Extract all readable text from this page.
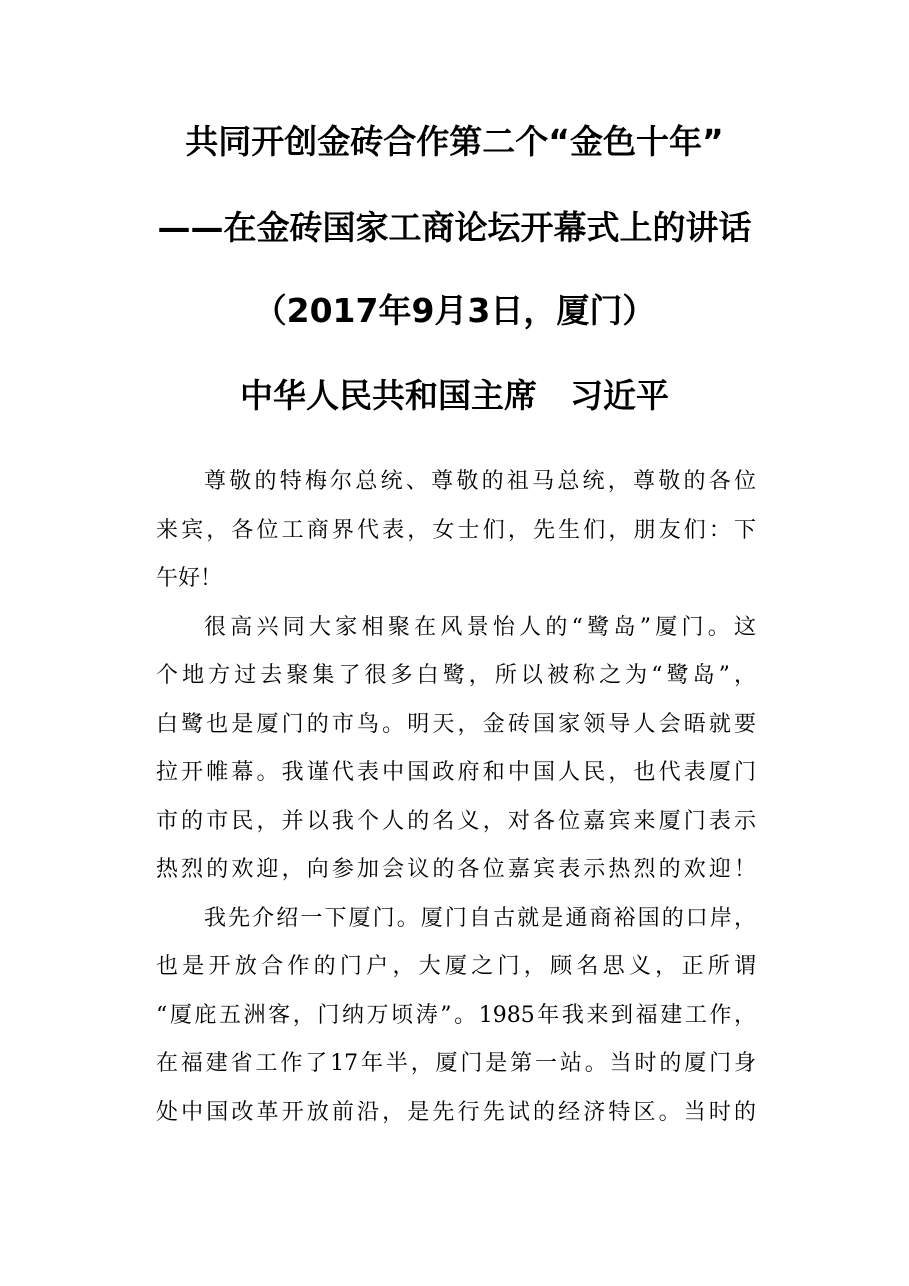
共同开创金砖合作第二个“金色十年”
——在金砖国家工商论坛开幕式上的讲话
（2017年9月3日，厦门）
中华人民共和国主席　习近平
尊敬的特梅尔总统、尊敬的祖马总统，尊敬的各位
来宾，各位工商界代表，女士们，先生们，朋友们：下
午好！
很高兴同大家相聚在风景怡人的“鹭岛”厦门。这
个地方过去聚集了很多白鹭，所以被称之为“鹭岛”，
白鹭也是厦门的市鸟。明天，金砖国家领导人会晤就要
拉开帷幕。我谨代表中国政府和中国人民，也代表厦门
市的市民，并以我个人的名义，对各位嘉宾来厦门表示
热烈的欢迎，向参加会议的各位嘉宾表示热烈的欢迎！
我先介绍一下厦门。厦门自古就是通商裕国的口岸，
也是开放合作的门户，大厦之门，顾名思义，正所谓
“厦庇五洲客，门纳万顷涛”。1985年我来到福建工作，
在福建省工作了17年半，厦门是第一站。当时的厦门身
处中国改革开放前沿，是先行先试的经济特区。当时的
